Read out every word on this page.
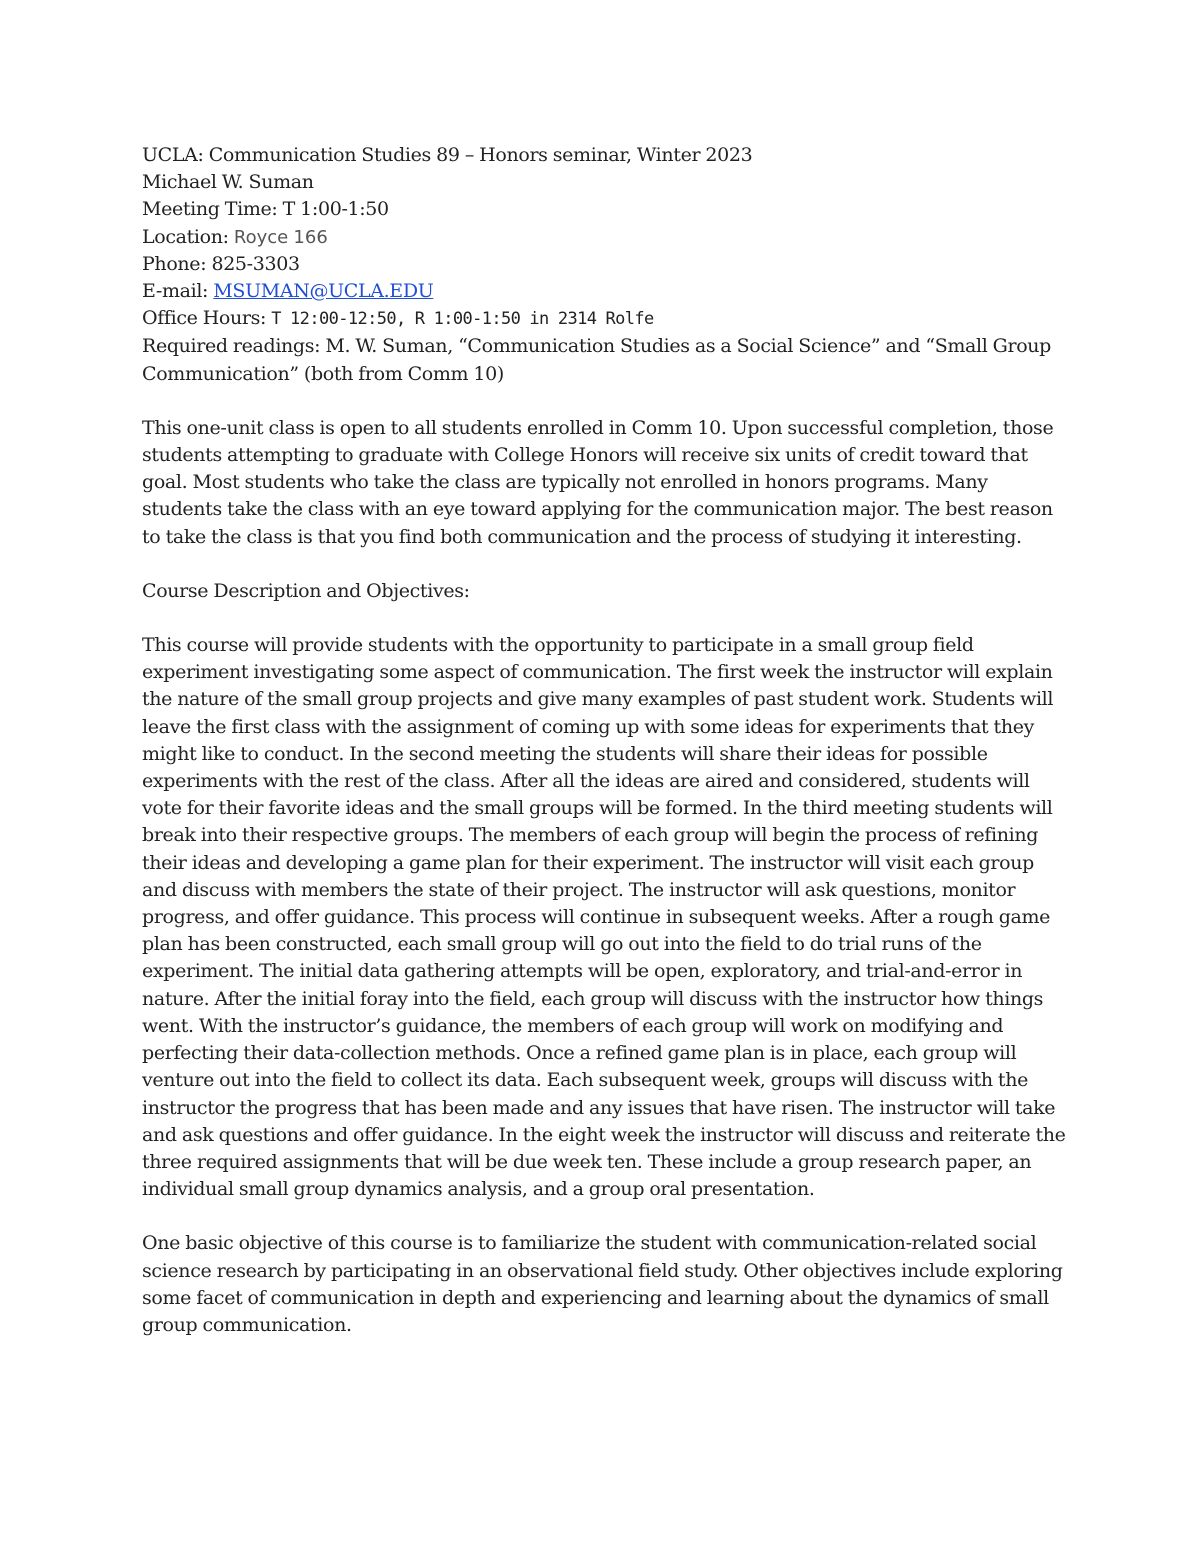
UCLA: Communication Studies 89 – Honors seminar, Winter 2023
Michael W. Suman
Meeting Time: T 1:00-1:50
Location: Royce 166
Phone: 825-3303
E-mail: MSUMAN@UCLA.EDU
Office Hours: T 12:00-12:50, R 1:00-1:50 in 2314 Rolfe

Required readings: M. W. Suman, “Communication Studies as a Social Science” and “Small Group Communication” (both from Comm 10)

This one-unit class is open to all students enrolled in Comm 10. Upon successful completion, those students attempting to graduate with College Honors will receive six units of credit toward that goal. Most students who take the class are typically not enrolled in honors programs. Many students take the class with an eye toward applying for the communication major. The best reason to take the class is that you find both communication and the process of studying it interesting.

Course Description and Objectives:

This course will provide students with the opportunity to participate in a small group field experiment investigating some aspect of communication. The first week the instructor will explain the nature of the small group projects and give many examples of past student work. Students will leave the first class with the assignment of coming up with some ideas for experiments that they might like to conduct. In the second meeting the students will share their ideas for possible experiments with the rest of the class. After all the ideas are aired and considered, students will vote for their favorite ideas and the small groups will be formed. In the third meeting students will break into their respective groups. The members of each group will begin the process of refining their ideas and developing a game plan for their experiment. The instructor will visit each group and discuss with members the state of their project. The instructor will ask questions, monitor progress, and offer guidance. This process will continue in subsequent weeks. After a rough game plan has been constructed, each small group will go out into the field to do trial runs of the experiment. The initial data gathering attempts will be open, exploratory, and trial-and-error in nature. After the initial foray into the field, each group will discuss with the instructor how things went. With the instructor’s guidance, the members of each group will work on modifying and perfecting their data-collection methods. Once a refined game plan is in place, each group will venture out into the field to collect its data. Each subsequent week, groups will discuss with the instructor the progress that has been made and any issues that have risen. The instructor will take and ask questions and offer guidance. In the eight week the instructor will discuss and reiterate the three required assignments that will be due week ten. These include a group research paper, an individual small group dynamics analysis, and a group oral presentation.

One basic objective of this course is to familiarize the student with communication-related social science research by participating in an observational field study. Other objectives include exploring some facet of communication in depth and experiencing and learning about the dynamics of small group communication.
